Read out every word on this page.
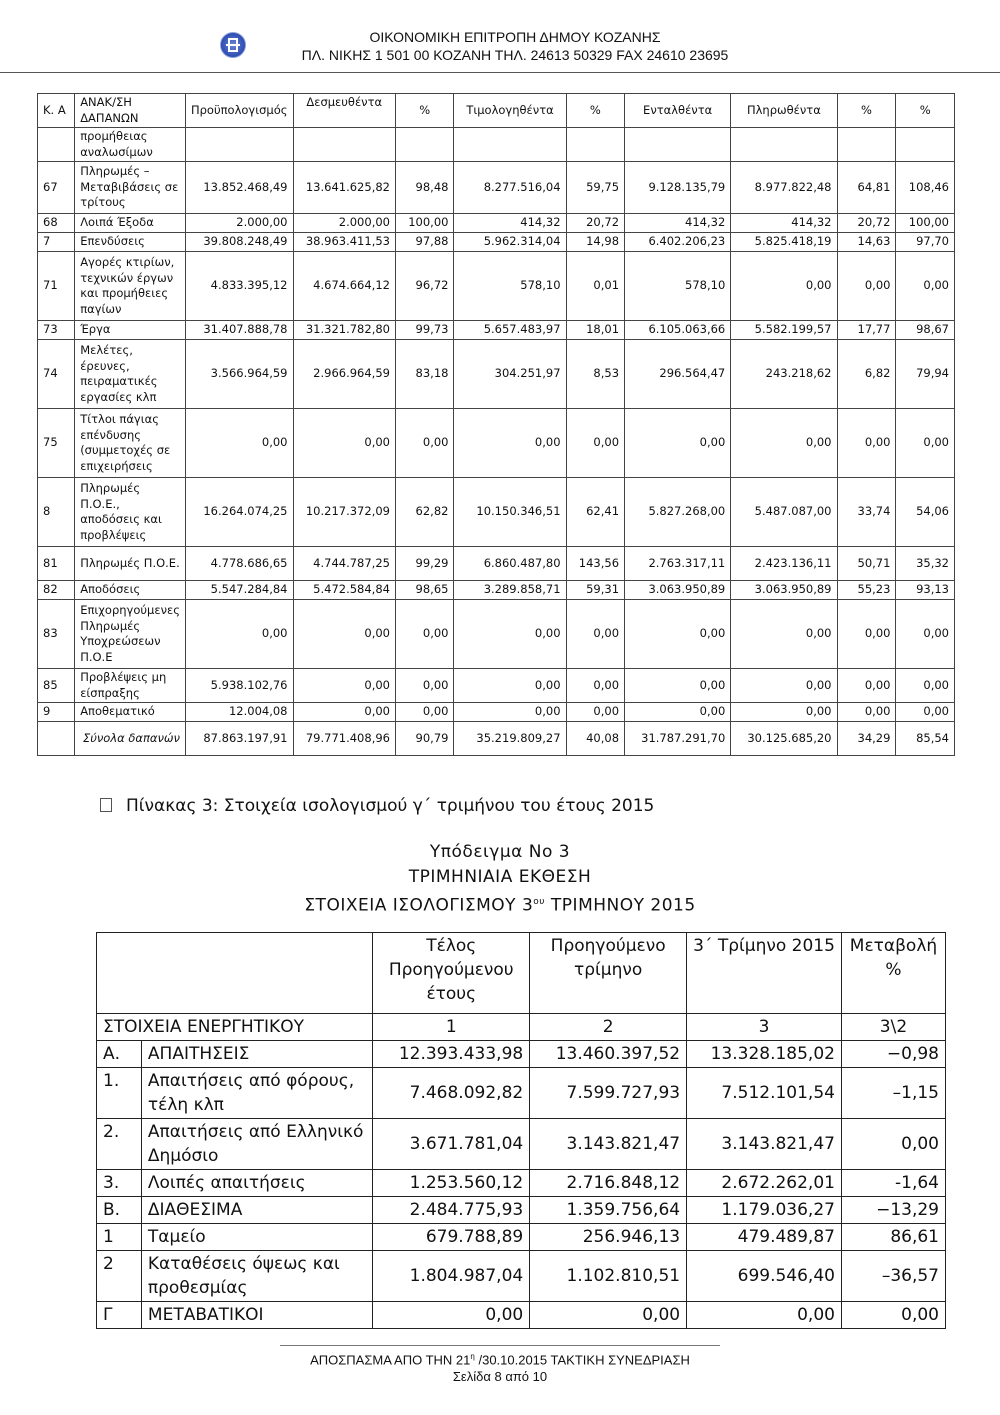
ΟΙΚΟΝΟΜΙΚΗ ΕΠΙΤΡΟΠΗ ΔΗΜΟΥ ΚΟΖΑΝΗΣ
ΠΛ. ΝΙΚΗΣ 1 501 00 ΚΟΖΑΝΗ ΤΗΛ. 24613 50329 FAX 24610 23695
Κ. Α	ΑΝΑΚ/ΣΗ ΔΑΠΑΝΩΝ	Προϋπολογισμός	Δεσμευθέντα	%	Τιμολογηθέντα	%	Ενταλθέντα	Πληρωθέντα	%	%
	προμήθειας αναλωσίμων									
67	Πληρωμές – Μεταβιβάσεις σε τρίτους	13.852.468,49	13.641.625,82	98,48	8.277.516,04	59,75	9.128.135,79	8.977.822,48	64,81	108,46
68	Λοιπά Έξοδα	2.000,00	2.000,00	100,00	414,32	20,72	414,32	414,32	20,72	100,00
7	Επενδύσεις	39.808.248,49	38.963.411,53	97,88	5.962.314,04	14,98	6.402.206,23	5.825.418,19	14,63	97,70
71	Αγορές κτιρίων, τεχνικών έργων και προμήθειες παγίων	4.833.395,12	4.674.664,12	96,72	578,10	0,01	578,10	0,00	0,00	0,00
73	Έργα	31.407.888,78	31.321.782,80	99,73	5.657.483,97	18,01	6.105.063,66	5.582.199,57	17,77	98,67
74	Μελέτες, έρευνες, πειραματικές εργασίες κλπ	3.566.964,59	2.966.964,59	83,18	304.251,97	8,53	296.564,47	243.218,62	6,82	79,94
75	Τίτλοι πάγιας επένδυσης (συμμετοχές σε επιχειρήσεις	0,00	0,00	0,00	0,00	0,00	0,00	0,00	0,00	0,00
8	Πληρωμές Π.Ο.Ε., αποδόσεις και προβλέψεις	16.264.074,25	10.217.372,09	62,82	10.150.346,51	62,41	5.827.268,00	5.487.087,00	33,74	54,06
81	Πληρωμές Π.Ο.Ε.	4.778.686,65	4.744.787,25	99,29	6.860.487,80	143,56	2.763.317,11	2.423.136,11	50,71	35,32
82	Αποδόσεις	5.547.284,84	5.472.584,84	98,65	3.289.858,71	59,31	3.063.950,89	3.063.950,89	55,23	93,13
83	Επιχορηγούμενες Πληρωμές Υποχρεώσεων Π.Ο.Ε	0,00	0,00	0,00	0,00	0,00	0,00	0,00	0,00	0,00
85	Προβλέψεις μη είσπραξης	5.938.102,76	0,00	0,00	0,00	0,00	0,00	0,00	0,00	0,00
9	Αποθεματικό	12.004,08	0,00	0,00	0,00	0,00	0,00	0,00	0,00	0,00
	Σύνολα δαπανών	87.863.197,91	79.771.408,96	90,79	35.219.809,27	40,08	31.787.291,70	30.125.685,20	34,29	85,54
Πίνακας 3: Στοιχεία ισολογισμού γ΄ τριμήνου του έτους 2015
Υπόδειγμα Νο 3
ΤΡΙΜΗΝΙΑΙΑ ΕΚΘΕΣΗ
ΣΤΟΙΧΕΙΑ ΙΣΟΛΟΓΙΣΜΟΥ $3^{o\upsilon}$ ΤΡΙΜΗΝΟΥ 2015
		Τέλος Προηγούμενου έτους	Προηγούμενο τρίμηνο	3΄ Τρίμηνο 2015	Μεταβολή %
ΣΤΟΙΧΕΙΑ ΕΝΕΡΓΗΤΙΚΟΥ		1	2	3	3\2
Α.	ΑΠΑΙΤΗΣΕΙΣ	12.393.433,98	13.460.397,52	13.328.185,02	−0,98
1.	Απαιτήσεις από φόρους, τέλη κλπ	7.468.092,82	7.599.727,93	7.512.101,54	–1,15
2.	Απαιτήσεις από Ελληνικό Δημόσιο	3.671.781,04	3.143.821,47	3.143.821,47	0,00
3.	Λοιπές απαιτήσεις	1.253.560,12	2.716.848,12	2.672.262,01	-1,64
Β.	ΔΙΑΘΕΣΙΜΑ	2.484.775,93	1.359.756,64	1.179.036,27	−13,29
1	Ταμείο	679.788,89	256.946,13	479.489,87	86,61
2	Καταθέσεις όψεως και προθεσμίας	1.804.987,04	1.102.810,51	699.546,40	–36,57
Γ	ΜΕΤΑΒΑΤΙΚΟΙ	0,00	0,00	0,00	0,00
ΑΠΟΣΠΑΣΜΑ ΑΠΟ ΤΗΝ $21^\eta$ /30.10.2015 ΤΑΚΤΙΚΗ ΣΥΝΕΔΡΙΑΣΗ
Σελίδα 8 από 10
